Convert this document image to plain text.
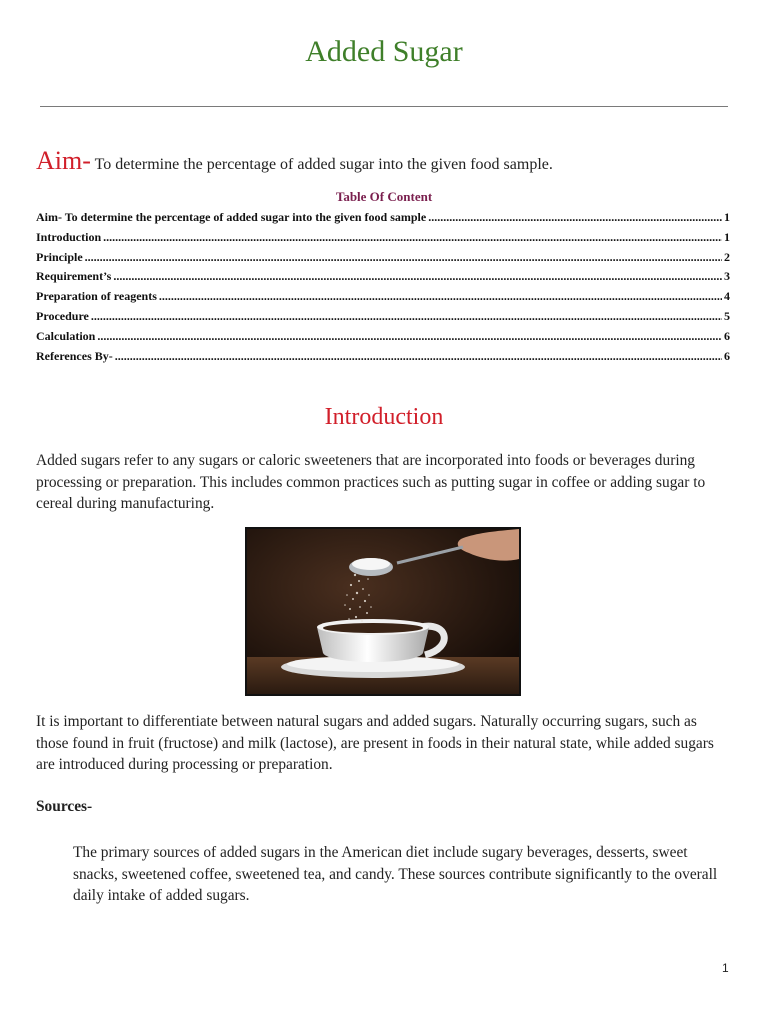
Added Sugar
Aim- To determine the percentage of added sugar into the given food sample.
Table Of Content
Aim- To determine the percentage of added sugar into the given food sample .....	1
Introduction .....	1
Principle .....	2
Requirement’s .....	3
Preparation of reagents .....	4
Procedure .....	5
Calculation .....	6
References By- .....	6
Introduction
Added sugars refer to any sugars or caloric sweeteners that are incorporated into foods or beverages during processing or preparation. This includes common practices such as putting sugar in coffee or adding sugar to cereal during manufacturing.
It is important to differentiate between natural sugars and added sugars. Naturally occurring sugars, such as those found in fruit (fructose) and milk (lactose), are present in foods in their natural state, while added sugars are introduced during processing or preparation.
Sources-
The primary sources of added sugars in the American diet include sugary beverages, desserts, sweet snacks, sweetened coffee, sweetened tea, and candy. These sources contribute significantly to the overall daily intake of added sugars.
1
